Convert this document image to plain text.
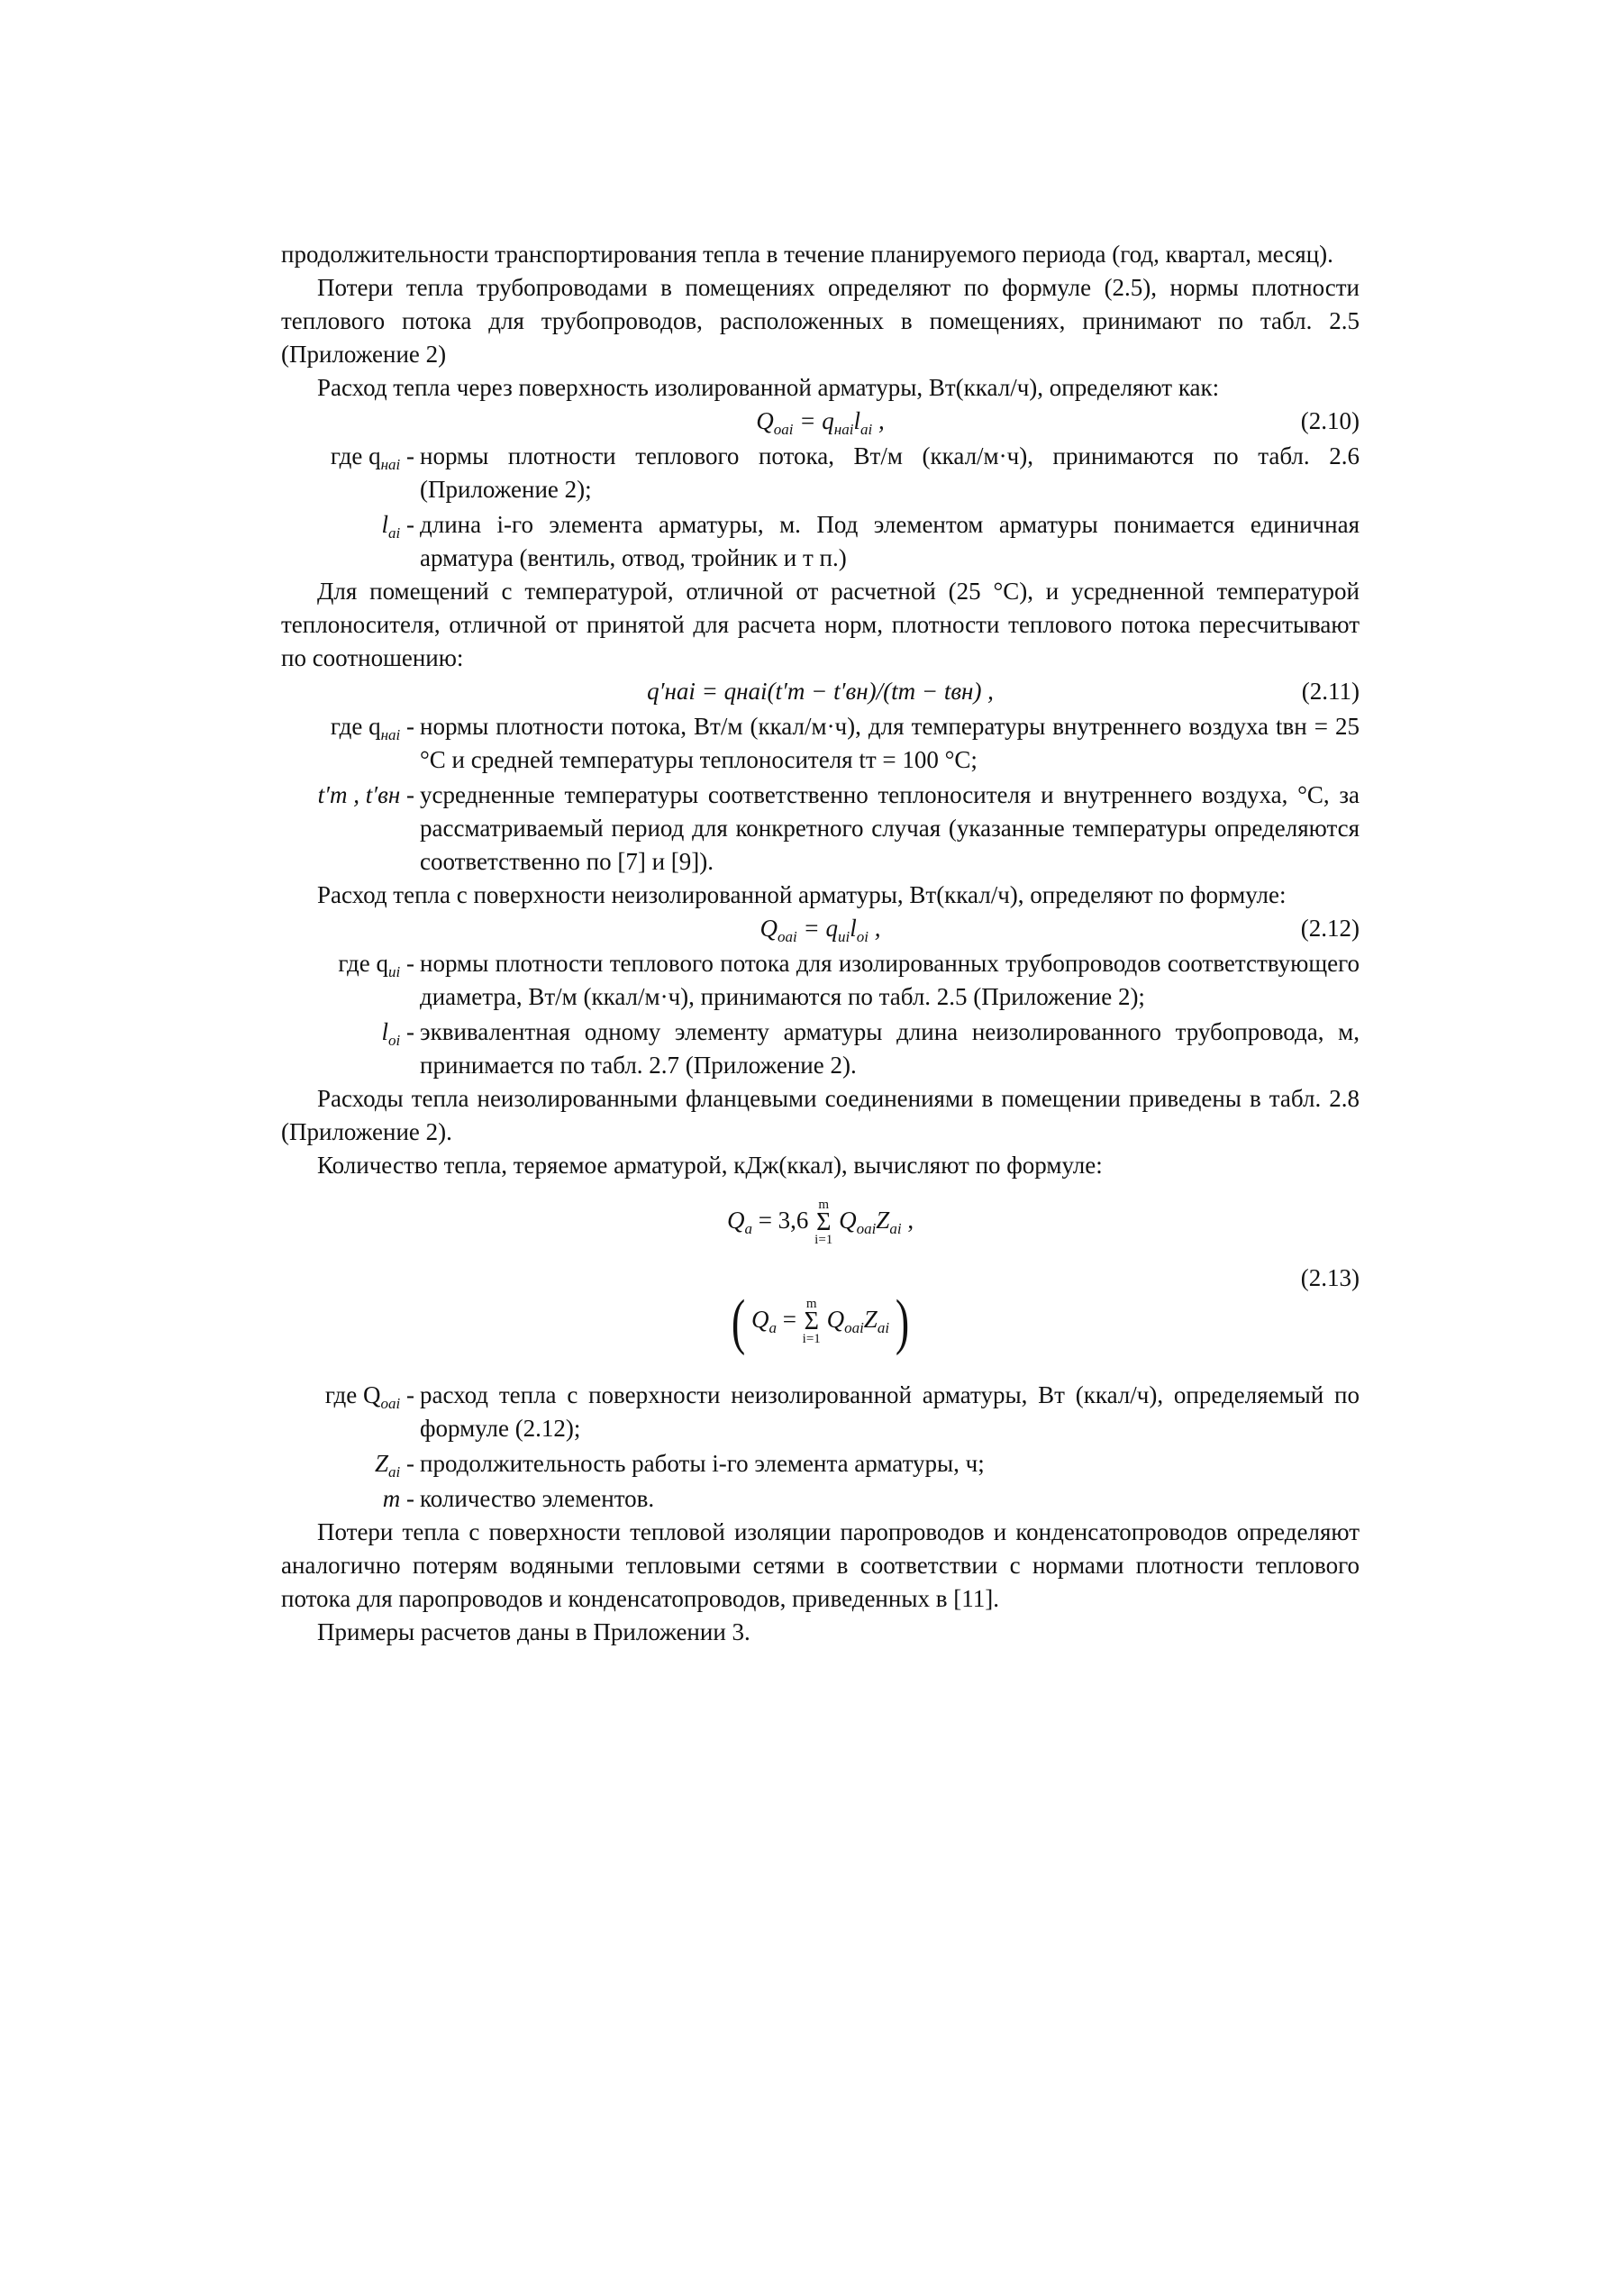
продолжительности транспортирования тепла в течение планируемого периода (год, квартал, месяц).

Потери тепла трубопроводами в помещениях определяют по формуле (2.5), нормы плотности теплового потока для трубопроводов, расположенных в помещениях, принимают по табл. 2.5 (Приложение 2)

Расход тепла через поверхность изолированной арматуры, Вт(ккал/ч), определяют как:

$Q_{оаi} = q_{наi}l_{ai}$ ,	(2.10)
где $q_{наi}$ - нормы плотности теплового потока, Вт/м (ккал/м·ч), принимаются по табл. 2.6 (Приложение 2);
$l_{ai}$ - длина i-го элемента арматуры, м. Под элементом арматуры понимается единичная арматура (вентиль, отвод, тройник и т п.)

Для помещений с температурой, отличной от расчетной (25 °С), и усредненной температурой теплоносителя, отличной от принятой для расчета норм, плотности теплового потока пересчитывают по соотношению:

q′наi = qнаi(t′т − t′вн)/(tт − tвн) ,	(2.11)
где $q_{наi}$ - нормы плотности потока, Вт/м (ккал/м·ч), для температуры внутреннего воздуха tвн = 25 °С и средней температуры теплоносителя tт = 100 °С;
t′т , t′вн - усредненные температуры соответственно теплоносителя и внутреннего воздуха, °С, за рассматриваемый период для конкретного случая (указанные температуры определяются соответственно по [7] и [9]).

Расход тепла с поверхности неизолированной арматуры, Вт(ккал/ч), определяют по формуле:

$Q_{оаi} = q_{иi}l_{oi}$ ,	(2.12)
где $q_{иi}$ - нормы плотности теплового потока для изолированных трубопроводов соответствующего диаметра, Вт/м (ккал/м·ч), принимаются по табл. 2.5 (Приложение 2);
$l_{oi}$ - эквивалентная одному элементу арматуры длина неизолированного трубопровода, м, принимается по табл. 2.7 (Приложение 2).

Расходы тепла неизолированными фланцевыми соединениями в помещении приведены в табл. 2.8 (Приложение 2).

Количество тепла, теряемое арматурой, кДж(ккал), вычисляют по формуле:

$Q_а = 3,6$ m
Σ
i=1 $Q_{оаi}Z_{ai}$ ,
( $Q_а = m$
Σ
i=1 $Q_{оаi}Z_{аi}$ )
(2.13)
где $Q_{оаi}$ - расход тепла с поверхности неизолированной арматуры, Вт (ккал/ч), определяемый по формуле (2.12);
$Z_{ai}$ - продолжительность работы i-го элемента арматуры, ч;
m - количество элементов.

Потери тепла с поверхности тепловой изоляции паропроводов и конденсатопроводов определяют аналогично потерям водяными тепловыми сетями в соответствии с нормами плотности теплового потока для паропроводов и конденсатопроводов, приведенных в [11].

Примеры расчетов даны в Приложении 3.
